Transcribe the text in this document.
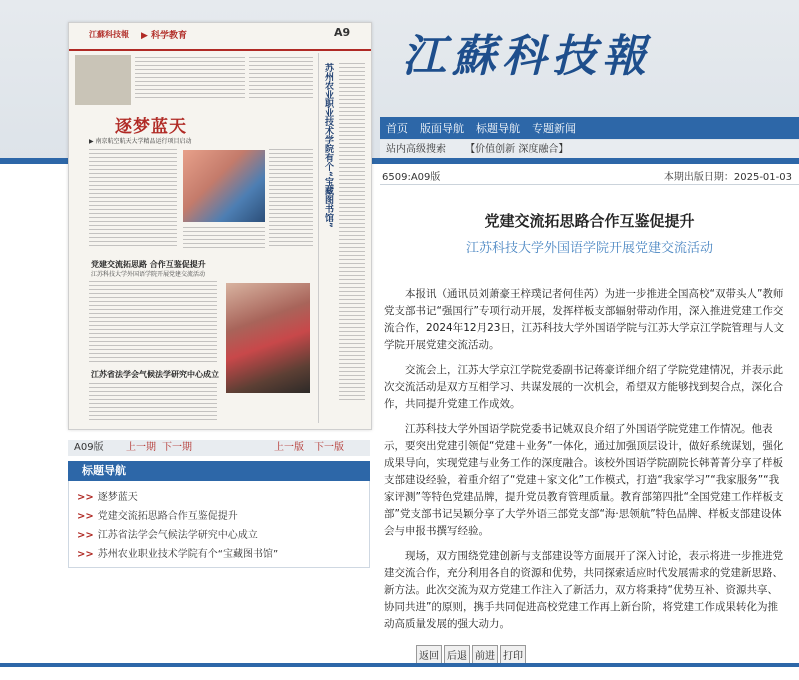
江蘇科技報
首页 版面导航 标题导航 专题新闻
站内高级搜索 【价值创新 深度融合】
江蘇科技報 ▶ 科学教育	A9
逐梦蓝天
▶ 南京航空航天大学精品运行项目启动
党建交流拓思路 合作互鉴促提升
江苏科技大学外国语学院开展党建交流活动
江苏省法学会气候法学研究中心成立
苏州农业职业技术学院有个“宝藏图书馆”
A09版 上一期 下一期	上一版 下一版
标题导航
>> 逐梦蓝天
>> 党建交流拓思路合作互鉴促提升
>> 江苏省法学会气候法学研究中心成立
>> 苏州农业职业技术学院有个“宝藏图书馆”
6509:A09版	本期出版日期：2025-01-03
党建交流拓思路合作互鉴促提升
江苏科技大学外国语学院开展党建交流活动

本报讯（通讯员刘萧豪王梓璞记者何佳芮）为进一步推进全国高校“双带头人”教师党支部书记“强国行”专项行动开展，发挥样板支部辐射带动作用，深入推进党建工作交流合作，2024年12月23日，江苏科技大学外国语学院与江苏大学京江学院管理与人文学院开展党建交流活动。

交流会上，江苏大学京江学院党委副书记蒋豪详细介绍了学院党建情况，并表示此次交流活动是双方互相学习、共谋发展的一次机会，希望双方能够找到契合点，深化合作，共同提升党建工作成效。

江苏科技大学外国语学院党委书记姚双良介绍了外国语学院党建工作情况。他表示，要突出党建引领促“党建＋业务”一体化，通过加强顶层设计，做好系统谋划，强化成果导向，实现党建与业务工作的深度融合。该校外国语学院副院长韩菁菁分享了样板支部建设经验，着重介绍了“党建＋家文化”工作模式，打造“我家学习”“我家服务”“我家评测”等特色党建品牌，提升党员教育管理质量。教育部第四批“全国党建工作样板支部”党支部书记吴颖分享了大学外语三部党支部“海·思领航”特色品牌、样板支部建设体会与申报书撰写经验。

现场，双方围绕党建创新与支部建设等方面展开了深入讨论，表示将进一步推进党建交流合作，充分利用各自的资源和优势，共同探索适应时代发展需求的党建新思路、新方法。此次交流为双方党建工作注入了新活力，双方将秉持“优势互补、资源共享、协同共进”的原则，携手共同促进高校党建工作再上新台阶，将党建工作成果转化为推动高质量发展的强大动力。

返回 后退 前进 打印
